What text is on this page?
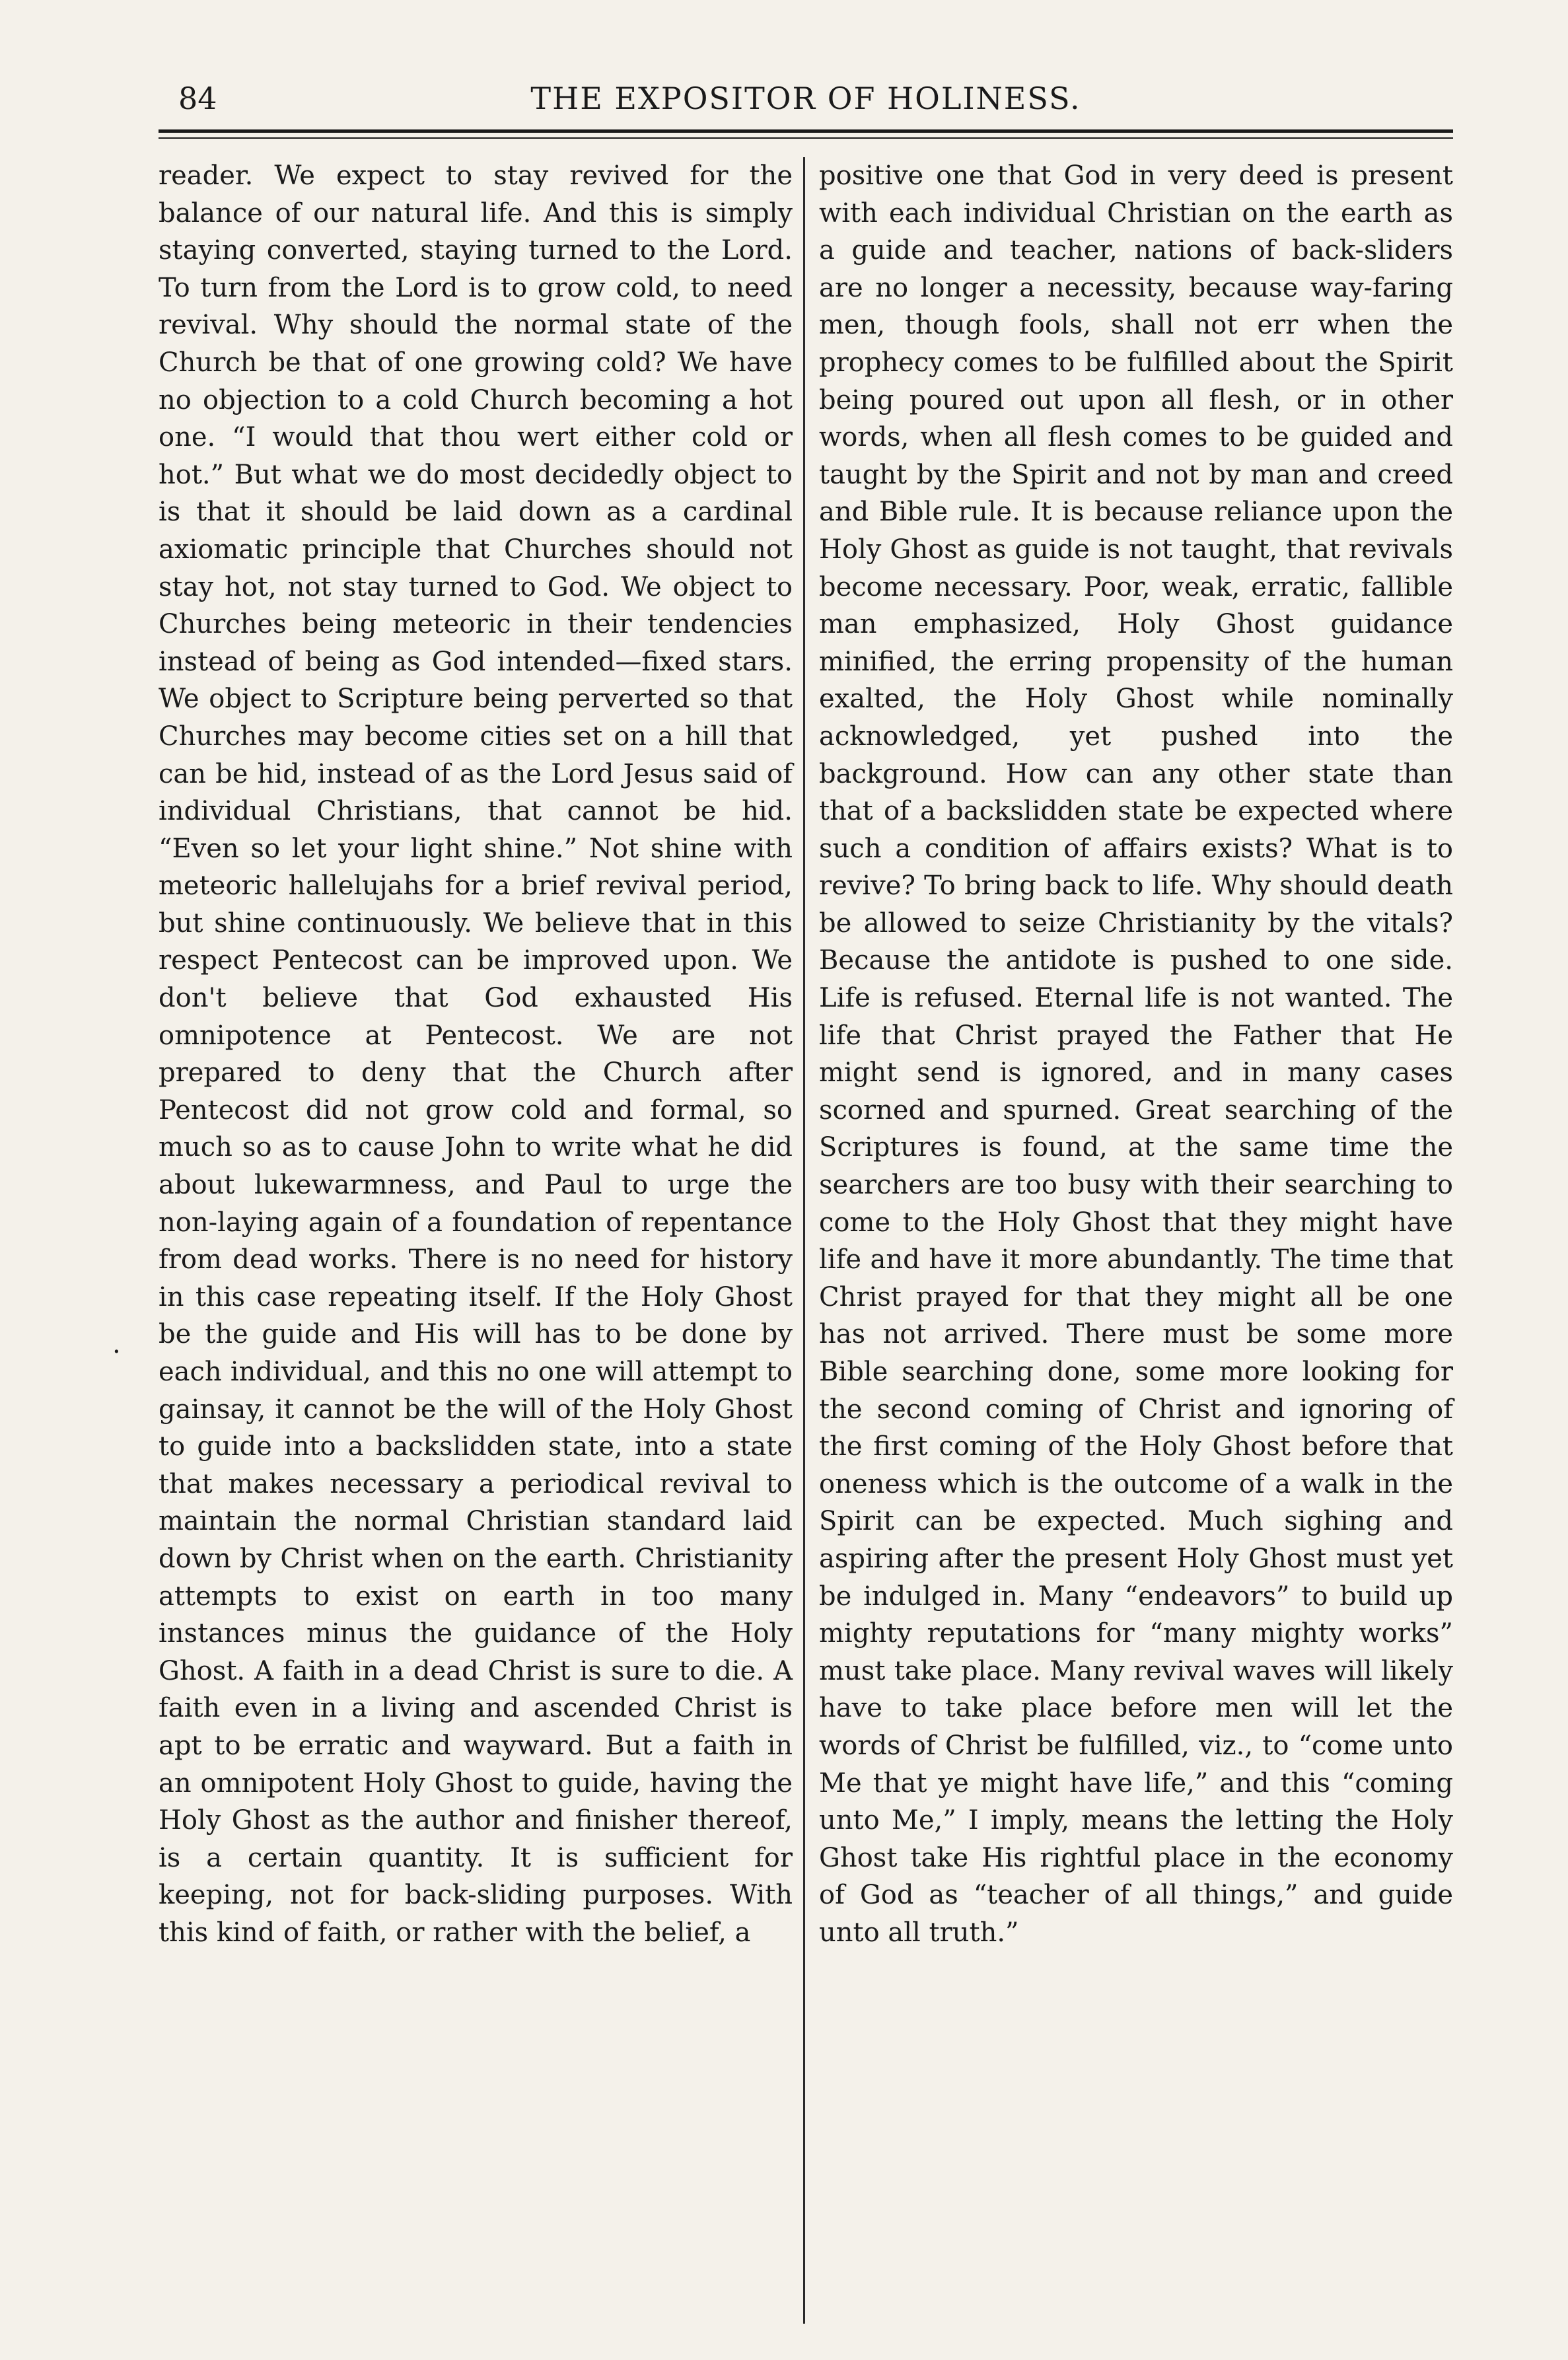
84	THE EXPOSITOR OF HOLINESS.

reader. We expect to stay revived for the balance of our natural life. And this is simply staying converted, staying turned to the Lord. To turn from the Lord is to grow cold, to need revival. Why should the normal state of the Church be that of one growing cold? We have no objection to a cold Church becoming a hot one. “I would that thou wert either cold or hot.” But what we do most decidedly object to is that it should be laid down as a cardinal axiomatic principle that Churches should not stay hot, not stay turned to God. We object to Churches being meteoric in their tendencies instead of being as God intended—fixed stars. We object to Scripture being perverted so that Churches may become cities set on a hill that can be hid, instead of as the Lord Jesus said of individual Christians, that cannot be hid. “Even so let your light shine.” Not shine with meteoric hallelujahs for a brief revival period, but shine continuously. We believe that in this respect Pentecost can be improved upon. We don't believe that God exhausted His omnipotence at Pentecost. We are not prepared to deny that the Church after Pentecost did not grow cold and formal, so much so as to cause John to write what he did about lukewarmness, and Paul to urge the non-laying again of a foundation of repentance from dead works. There is no need for history in this case repeating itself. If the Holy Ghost be the guide and His will has to be done by each individual, and this no one will attempt to gainsay, it cannot be the will of the Holy Ghost to guide into a backslidden state, into a state that makes necessary a periodical revival to maintain the normal Christian standard laid down by Christ when on the earth. Christianity attempts to exist on earth in too many instances minus the guidance of the Holy Ghost. A faith in a dead Christ is sure to die. A faith even in a living and ascended Christ is apt to be erratic and wayward. But a faith in an omnipotent Holy Ghost to guide, having the Holy Ghost as the author and finisher thereof, is a certain quantity. It is sufficient for keeping, not for back-sliding purposes. With this kind of faith, or rather with the belief, a

positive one that God in very deed is present with each individual Christian on the earth as a guide and teacher, nations of back-sliders are no longer a necessity, because way-faring men, though fools, shall not err when the prophecy comes to be fulfilled about the Spirit being poured out upon all flesh, or in other words, when all flesh comes to be guided and taught by the Spirit and not by man and creed and Bible rule. It is because reliance upon the Holy Ghost as guide is not taught, that revivals become necessary. Poor, weak, erratic, fallible man emphasized, Holy Ghost guidance minified, the erring propensity of the human exalted, the Holy Ghost while nominally acknowledged, yet pushed into the background. How can any other state than that of a backslidden state be expected where such a condition of affairs exists? What is to revive? To bring back to life. Why should death be allowed to seize Christianity by the vitals? Because the antidote is pushed to one side. Life is refused. Eternal life is not wanted. The life that Christ prayed the Father that He might send is ignored, and in many cases scorned and spurned. Great searching of the Scriptures is found, at the same time the searchers are too busy with their searching to come to the Holy Ghost that they might have life and have it more abundantly. The time that Christ prayed for that they might all be one has not arrived. There must be some more Bible searching done, some more looking for the second coming of Christ and ignoring of the first coming of the Holy Ghost before that oneness which is the outcome of a walk in the Spirit can be expected. Much sighing and aspiring after the present Holy Ghost must yet be indulged in. Many “endeavors” to build up mighty reputations for “many mighty works” must take place. Many revival waves will likely have to take place before men will let the words of Christ be fulfilled, viz., to “come unto Me that ye might have life,” and this “coming unto Me,” I imply, means the letting the Holy Ghost take His rightful place in the economy of God as “teacher of all things,” and guide unto all truth.”

.
